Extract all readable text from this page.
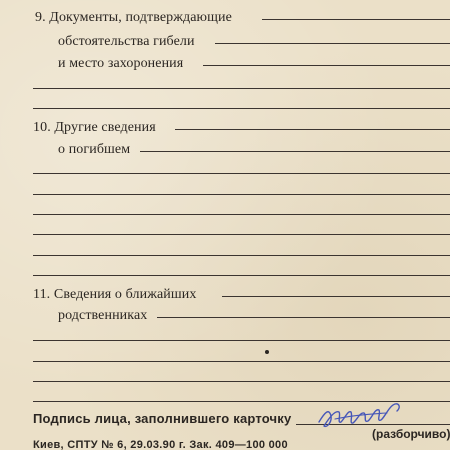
9. Документы, подтверждающие
обстоятельства гибели
и место захоронения
10. Другие сведения
о погибшем
11. Сведения о ближайших
родственниках
Подпись лица, заполнившего карточку
(разборчиво)
Киев, СПТУ № 6, 29.03.90 г. Зак. 409—100 000
